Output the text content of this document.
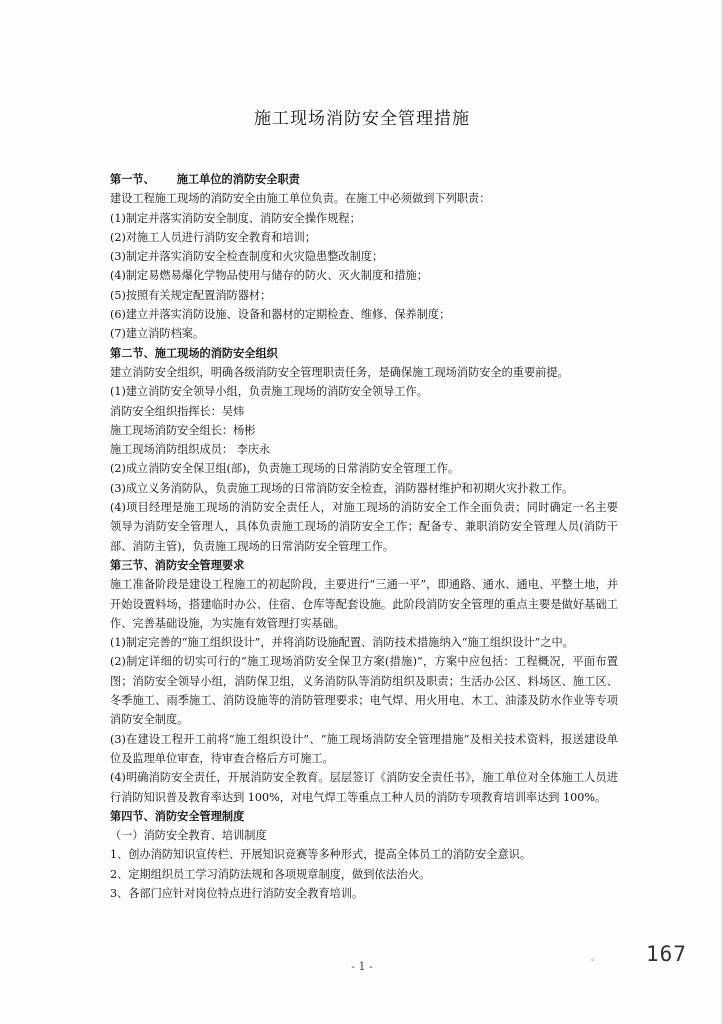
施工现场消防安全管理措施
第一节、 施工单位的消防安全职责
建设工程施工现场的消防安全由施工单位负责。在施工中必须做到下列职责：
(1)制定并落实消防安全制度、消防安全操作规程；
(2)对施工人员进行消防安全教育和培训；
(3)制定并落实消防安全检查制度和火灾隐患整改制度；
(4)制定易燃易爆化学物品使用与储存的防火、灭火制度和措施；
(5)按照有关规定配置消防器材；
(6)建立并落实消防设施、设备和器材的定期检查、维修、保养制度；
(7)建立消防档案。
第二节、施工现场的消防安全组织
建立消防安全组织，明确各级消防安全管理职责任务，是确保施工现场消防安全的重要前提。
(1)建立消防安全领导小组，负责施工现场的消防安全领导工作。
消防安全组织指挥长：吴炜
施工现场消防安全组长：杨彬
施工现场消防组织成员： 李庆永
(2)成立消防安全保卫组(部)，负责施工现场的日常消防安全管理工作。
(3)成立义务消防队，负责施工现场的日常消防安全检查，消防器材维护和初期火灾扑救工作。
(4)项目经理是施工现场的消防安全责任人，对施工现场的消防安全工作全面负责；同时确定一名主要领导为消防安全管理人，具体负责施工现场的消防安全工作；配备专、兼职消防安全管理人员(消防干部、消防主管)，负责施工现场的日常消防安全管理工作。
第三节、消防安全管理要求
施工准备阶段是建设工程施工的初起阶段，主要进行“三通一平”，即通路、通水、通电、平整土地，并开始设置料场，搭建临时办公、住宿、仓库等配套设施。此阶段消防安全管理的重点主要是做好基础工作、完善基础设施，为实施有效管理打实基础。
(1)制定完善的“施工组织设计”，并将消防设施配置、消防技术措施纳入“施工组织设计”之中。
(2)制定详细的切实可行的“施工现场消防安全保卫方案(措施)”，方案中应包括：工程概况，平面布置图；消防安全领导小组，消防保卫组，义务消防队等消防组织及职责；生活办公区、料场区、施工区、冬季施工、雨季施工、消防设施等的消防管理要求；电气焊、用火用电、木工、油漆及防水作业等专项消防安全制度。
(3)在建设工程开工前将“施工组织设计”、“施工现场消防安全管理措施”及相关技术资料，报送建设单位及监理单位审查，待审查合格后方可施工。
(4)明确消防安全责任，开展消防安全教育。层层签订《消防安全责任书》，施工单位对全体施工人员进行消防知识普及教育率达到 100%，对电气焊工等重点工种人员的消防专项教育培训率达到 100%。
第四节、消防安全管理制度
（一）消防安全教育、培训制度
1、创办消防知识宣传栏、开展知识竞赛等多种形式，提高全体员工的消防安全意识。
2、定期组织员工学习消防法规和各项规章制度，做到依法治火。
3、各部门应针对岗位特点进行消防安全教育培训。
。 167
- 1 -
